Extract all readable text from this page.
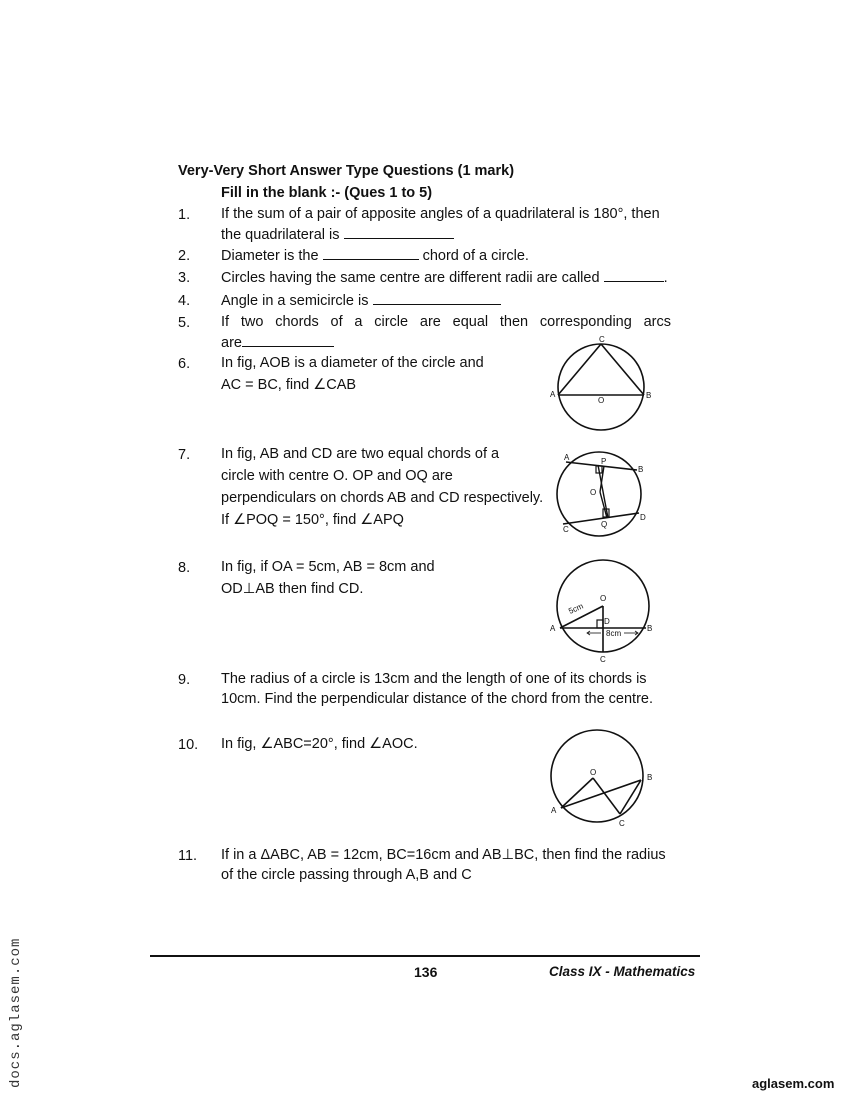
Very-Very Short Answer Type Questions (1 mark)
Fill in the blank :- (Ques 1 to 5)
1. If the sum of a pair of apposite angles of a quadrilateral is 180°, then
the quadrilateral is
2. Diameter is the	chord of a circle.
3. Circles having the same centre are different radii are called	.
4. Angle in a semicircle is
5. If two chords of a circle are equal then corresponding arcs
are
6. In fig, AOB is a diameter of the circle and
AC = BC, find ∠CAB
C
A
O
B
7. In fig, AB and CD are two equal chords of a
circle with centre O. OP and OQ are
perpendiculars on chords AB and CD respectively.
If ∠POQ = 150°, find ∠APQ
A	P
B
O
C
Q
D
8. In fig, if OA = 5cm, AB = 8cm and
OD⊥AB then find CD.
O
5cm
D
A
8cm
B
C
9. The radius of a circle is 13cm and the length of one of its chords is
10cm. Find the perpendicular distance of the chord from the centre.
10. In fig, ∠ABC=20°, find ∠AOC.
O
B
A
C
11. If in a ΔABC, AB = 12cm, BC=16cm and AB⊥BC, then find the radius
of the circle passing through A,B and C
136	Class IX - Mathematics
docs.aglasem.com	aglasem.com
